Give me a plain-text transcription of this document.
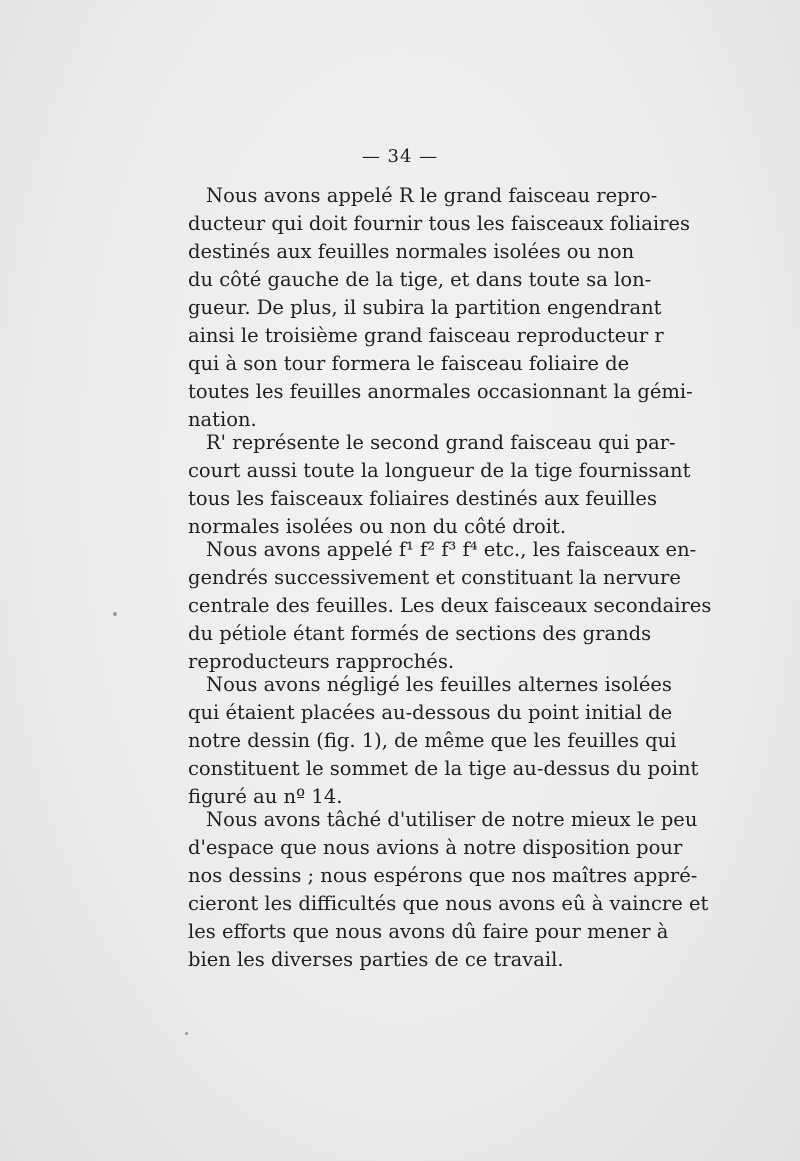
— 34 —
Nous avons appelé R le grand faisceau repro-
ducteur qui doit fournir tous les faisceaux foliaires
destinés aux feuilles normales isolées ou non
du côté gauche de la tige, et dans toute sa lon-
gueur. De plus, il subira la partition engendrant
ainsi le troisième grand faisceau reproducteur r
qui à son tour formera le faisceau foliaire de
toutes les feuilles anormales occasionnant la gémi-
nation.
R' représente le second grand faisceau qui par-
court aussi toute la longueur de la tige fournissant
tous les faisceaux foliaires destinés aux feuilles
normales isolées ou non du côté droit.
Nous avons appelé f¹ f² f³ f⁴ etc., les faisceaux en-
gendrés successivement et constituant la nervure
centrale des feuilles. Les deux faisceaux secondaires
du pétiole étant formés de sections des grands
reproducteurs rapprochés.
Nous avons négligé les feuilles alternes isolées
qui étaient placées au-dessous du point initial de
notre dessin (fig. 1), de même que les feuilles qui
constituent le sommet de la tige au-dessus du point
figuré au nº 14.
Nous avons tâché d'utiliser de notre mieux le peu
d'espace que nous avions à notre disposition pour
nos dessins ; nous espérons que nos maîtres appré-
cieront les difficultés que nous avons eû à vaincre et
les efforts que nous avons dû faire pour mener à
bien les diverses parties de ce travail.
